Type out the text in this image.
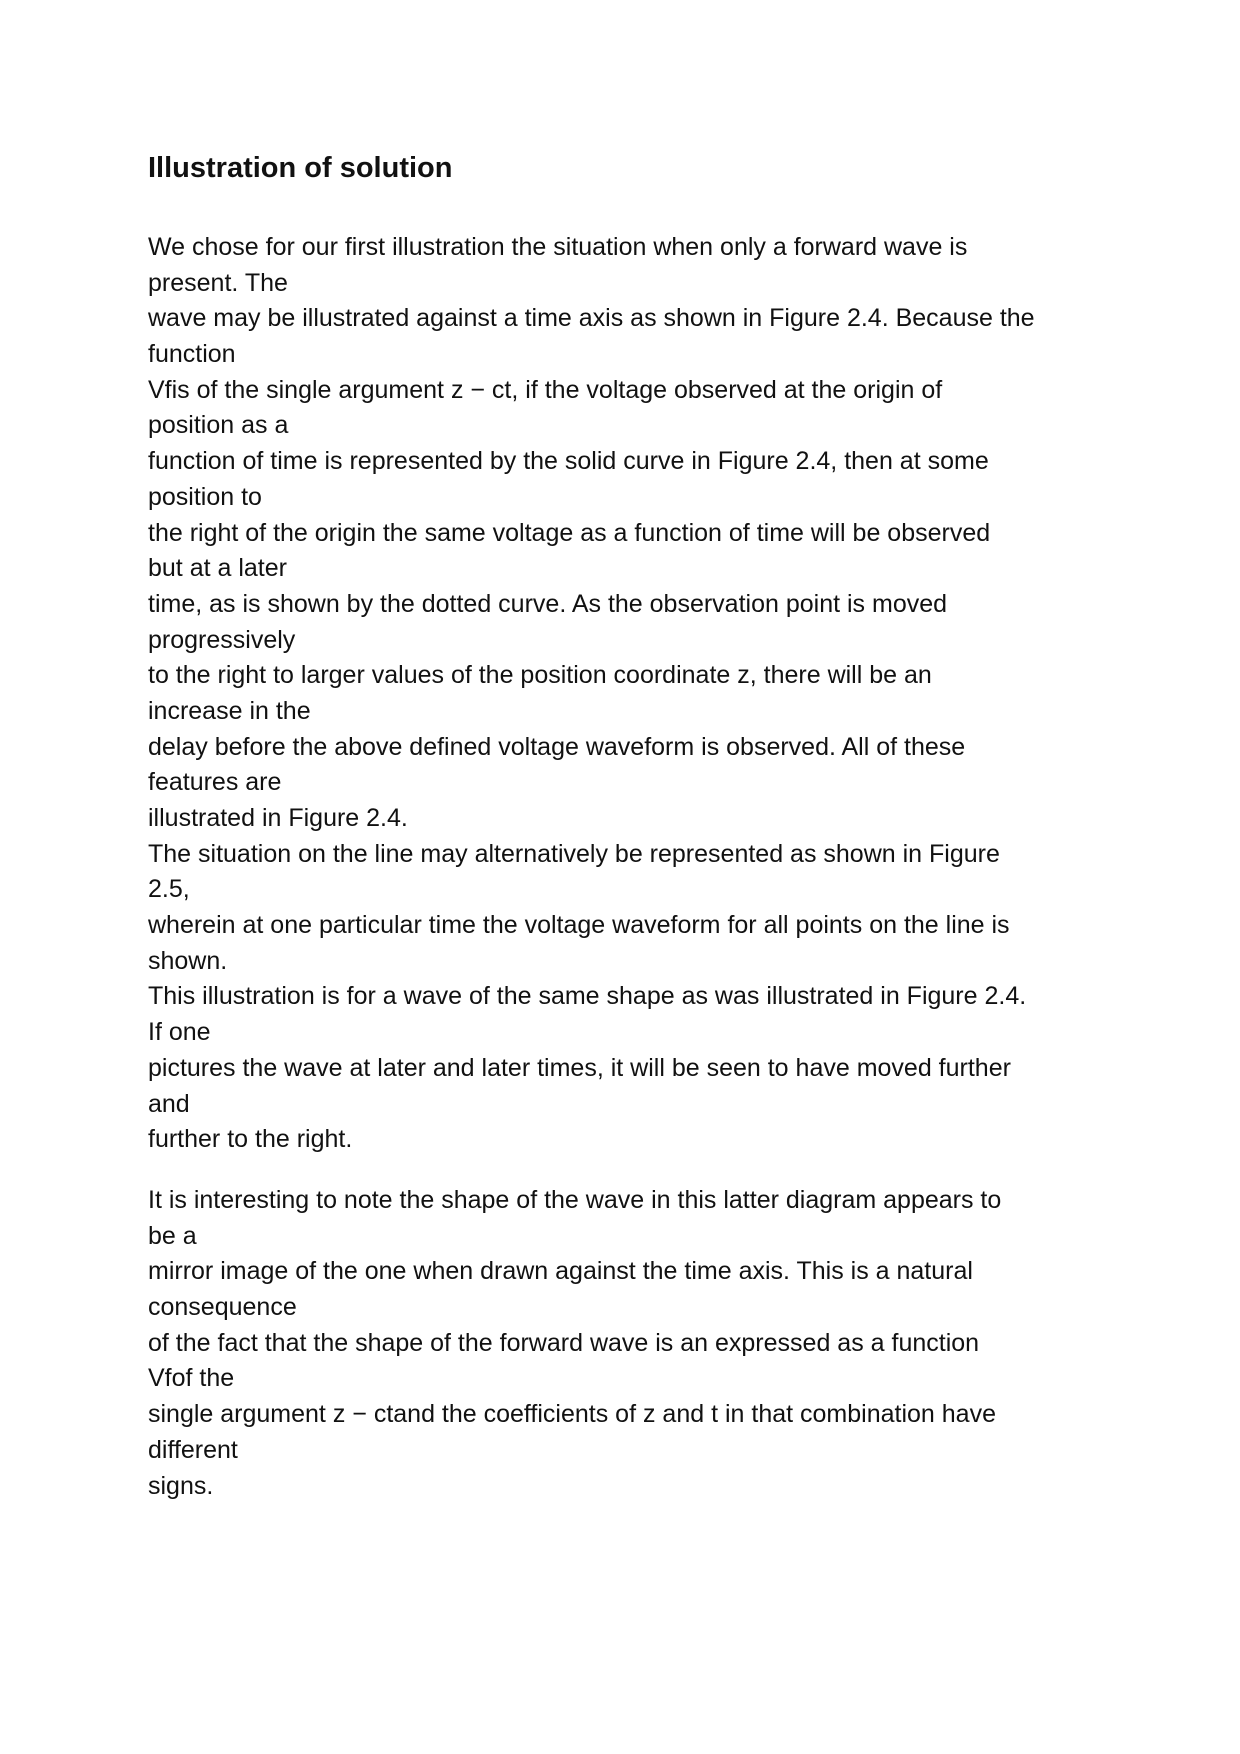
Illustration of solution
We chose for our first illustration the situation when only a forward wave is
present. The
wave may be illustrated against a time axis as shown in Figure 2.4. Because the
function
Vfis of the single argument z − ct, if the voltage observed at the origin of
position as a
function of time is represented by the solid curve in Figure 2.4, then at some
position to
the right of the origin the same voltage as a function of time will be observed
but at a later
time, as is shown by the dotted curve. As the observation point is moved
progressively
to the right to larger values of the position coordinate z, there will be an
increase in the
delay before the above defined voltage waveform is observed. All of these
features are
illustrated in Figure 2.4.
The situation on the line may alternatively be represented as shown in Figure
2.5,
wherein at one particular time the voltage waveform for all points on the line is
shown.
This illustration is for a wave of the same shape as was illustrated in Figure 2.4.
If one
pictures the wave at later and later times, it will be seen to have moved further
and
further to the right.
It is interesting to note the shape of the wave in this latter diagram appears to
be a
mirror image of the one when drawn against the time axis. This is a natural
consequence
of the fact that the shape of the forward wave is an expressed as a function
Vfof the
single argument z − ctand the coefficients of z and t in that combination have
different
signs.
